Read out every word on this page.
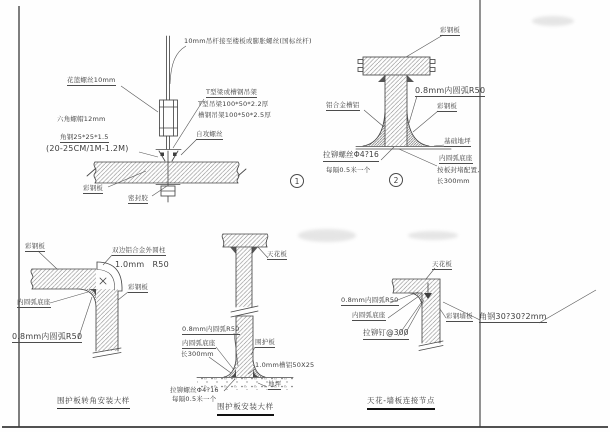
10mm吊杆接至楼板或膨胀螺丝(国标丝杆)
花篮螺丝10mm
六角螺帽12mm
角钢25*25*1.5
(20-25CM/1M-1.2M)
T型梁或槽钢吊架
T型吊梁100*50*2.2厚
槽钢吊架100*50*2.5厚
自攻螺丝
彩钢板
密封胶
1
彩钢板
0.8mm内圆弧R50
铝合金槽铝	彩钢板
基础地坪
拉铆螺丝Φ4?16
每隔0.5米一个
内圆弧底座
按板封堵配置,
长300mm
2
彩钢板	双边铝合金外圆柱
1.0mm   R50
彩钢板
内圆弧底座
0.8mm内圆弧R50
围护板转角安装大样
天花板
0.8mm内圆弧R50
内圆弧底座
长300mm
围护板
1.0mm槽铝50X25
地坪
拉铆螺丝Φ4?16
每隔0.5米一个
围护板安装大样
天花板
0.8mm内圆弧R50
内圆弧底座
拉铆钉@300
彩钢墙板 角钢30?30?2mm
天花-墙板连接节点
